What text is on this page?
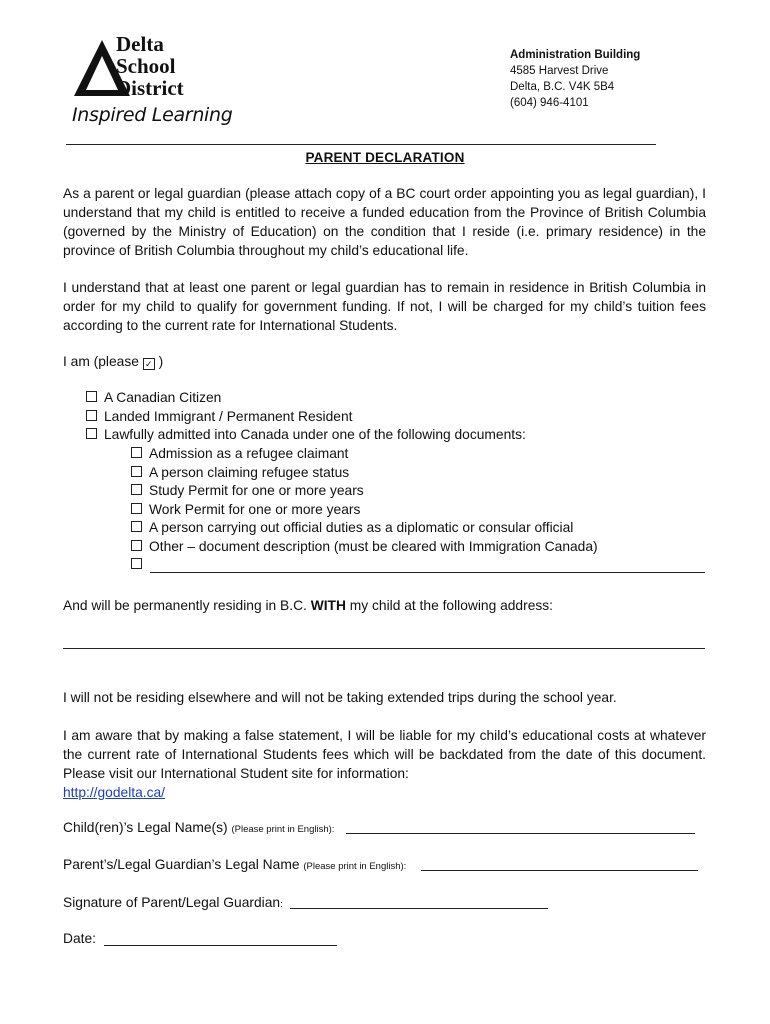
Delta
School
District
Inspired Learning
Administration Building
4585 Harvest Drive
Delta, B.C. V4K 5B4
(604) 946-4101
PARENT DECLARATION
As a parent or legal guardian (please attach copy of a BC court order appointing you as legal guardian), I understand that my child is entitled to receive a funded education from the Province of British Columbia (governed by the Ministry of Education) on the condition that I reside (i.e. primary residence) in the province of British Columbia throughout my child’s educational life.
I understand that at least one parent or legal guardian has to remain in residence in British Columbia in order for my child to qualify for government funding. If not, I will be charged for my child’s tuition fees according to the current rate for International Students.
I am (please ✓ )
A Canadian Citizen
Landed Immigrant / Permanent Resident
Lawfully admitted into Canada under one of the following documents:
Admission as a refugee claimant
A person claiming refugee status
Study Permit for one or more years
Work Permit for one or more years
A person carrying out official duties as a diplomatic or consular official
Other – document description (must be cleared with Immigration Canada)
And will be permanently residing in B.C. WITH my child at the following address:
I will not be residing elsewhere and will not be taking extended trips during the school year.
I am aware that by making a false statement, I will be liable for my child’s educational costs at whatever the current rate of International Students fees which will be backdated from the date of this document. Please visit our International Student site for information:
http://godelta.ca/
Child(ren)’s Legal Name(s) (Please print in English):
Parent’s/Legal Guardian’s Legal Name (Please print in English):
Signature of Parent/Legal Guardian:
Date:
